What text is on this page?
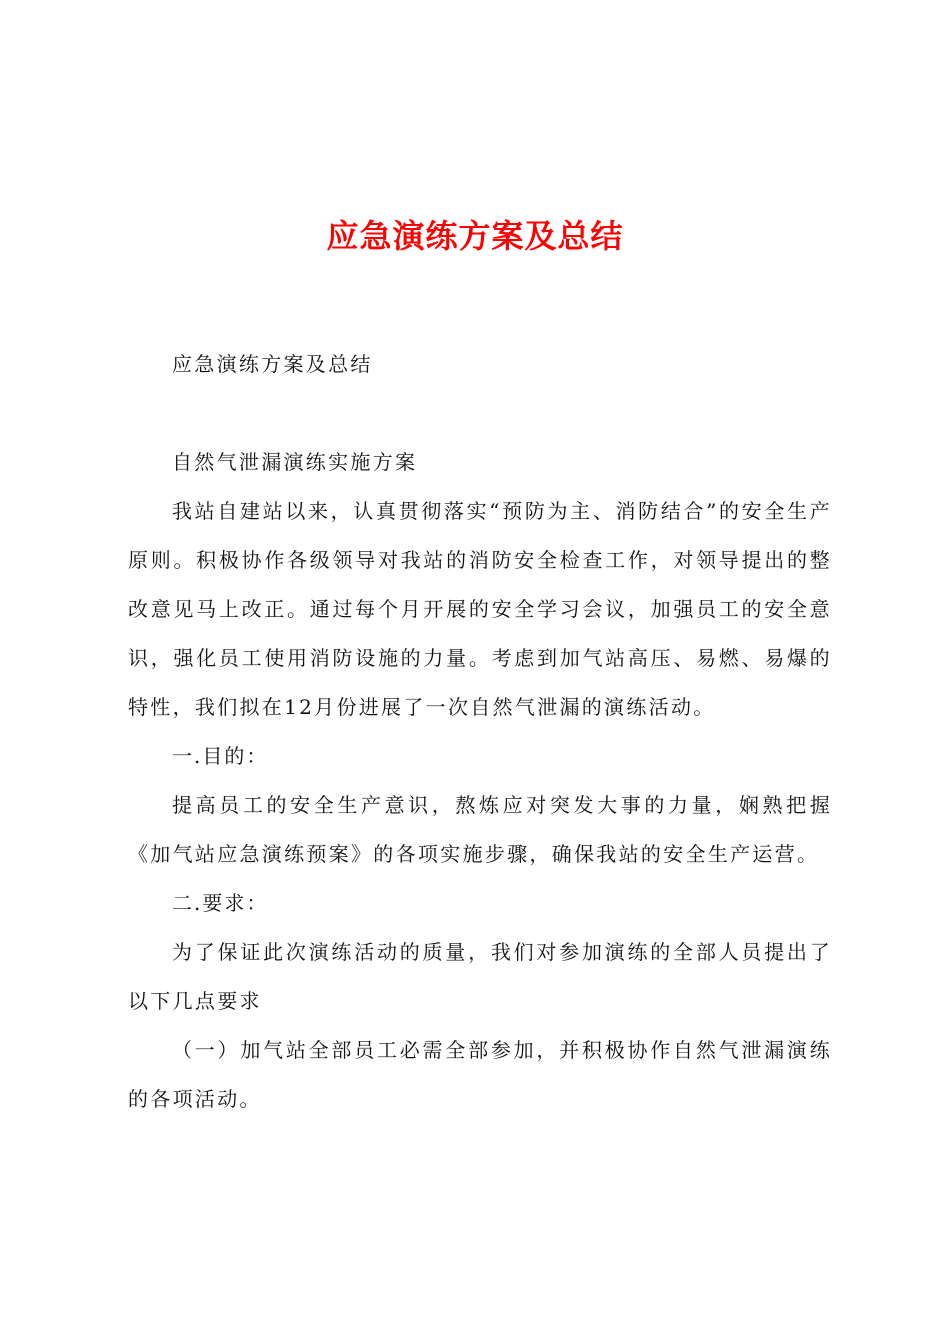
应急演练方案及总结

应急演练方案及总结

自然气泄漏演练实施方案

我站自建站以来，认真贯彻落实“预防为主、消防结合”的安全生产原则。积极协作各级领导对我站的消防安全检查工作，对领导提出的整改意见马上改正。通过每个月开展的安全学习会议，加强员工的安全意识，强化员工使用消防设施的力量。考虑到加气站高压、易燃、易爆的特性，我们拟在12月份进展了一次自然气泄漏的演练活动。

一.目的：

提高员工的安全生产意识，熬炼应对突发大事的力量，娴熟把握《加气站应急演练预案》的各项实施步骤，确保我站的安全生产运营。

二.要求：

为了保证此次演练活动的质量，我们对参加演练的全部人员提出了以下几点要求

（一）加气站全部员工必需全部参加，并积极协作自然气泄漏演练的各项活动。
